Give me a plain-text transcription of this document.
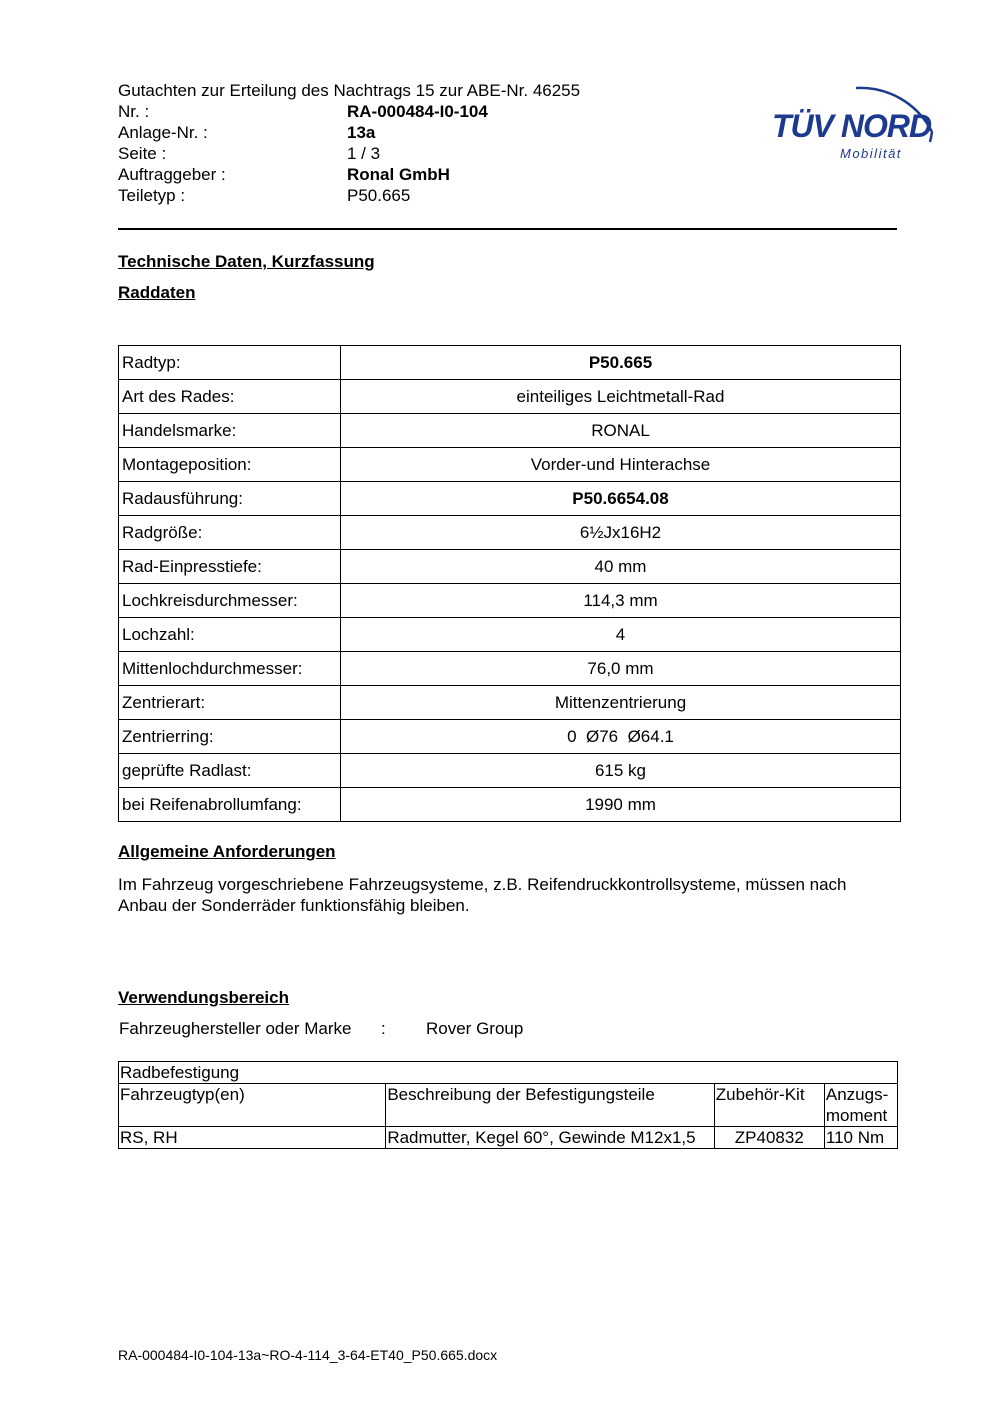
Gutachten zur Erteilung des Nachtrags 15 zur ABE-Nr. 46255
Nr. :	RA-000484-I0-104
Anlage-Nr. :	13a
Seite :	1 / 3
Auftraggeber :	Ronal GmbH
Teiletyp :	P50.665
TÜV NORD
Mobilität
Technische Daten, Kurzfassung
Raddaten
Radtyp:	P50.665
Art des Rades:	einteiliges Leichtmetall-Rad
Handelsmarke:	RONAL
Montageposition:	Vorder-und Hinterachse
Radausführung:	P50.6654.08
Radgröße:	6½Jx16H2
Rad-Einpresstiefe:	40 mm
Lochkreisdurchmesser:	114,3 mm
Lochzahl:	4
Mittenlochdurchmesser:	76,0 mm
Zentrierart:	Mittenzentrierung
Zentrierring:	0  Ø76  Ø64.1
geprüfte Radlast:	615 kg
bei Reifenabrollumfang:	1990 mm
Allgemeine Anforderungen
Im Fahrzeug vorgeschriebene Fahrzeugsysteme, z.B. Reifendruckkontrollsysteme, müssen nach Anbau der Sonderräder funktionsfähig bleiben.
Verwendungsbereich
Fahrzeughersteller oder Marke : Rover Group
Radbefestigung			
Fahrzeugtyp(en)	Beschreibung der Befestigungsteile	Zubehör-Kit	Anzugs-moment

RS, RH	Radmutter, Kegel 60°, Gewinde M12x1,5	ZP40832	110 Nm
RA-000484-I0-104-13a~RO-4-114_3-64-ET40_P50.665.docx
